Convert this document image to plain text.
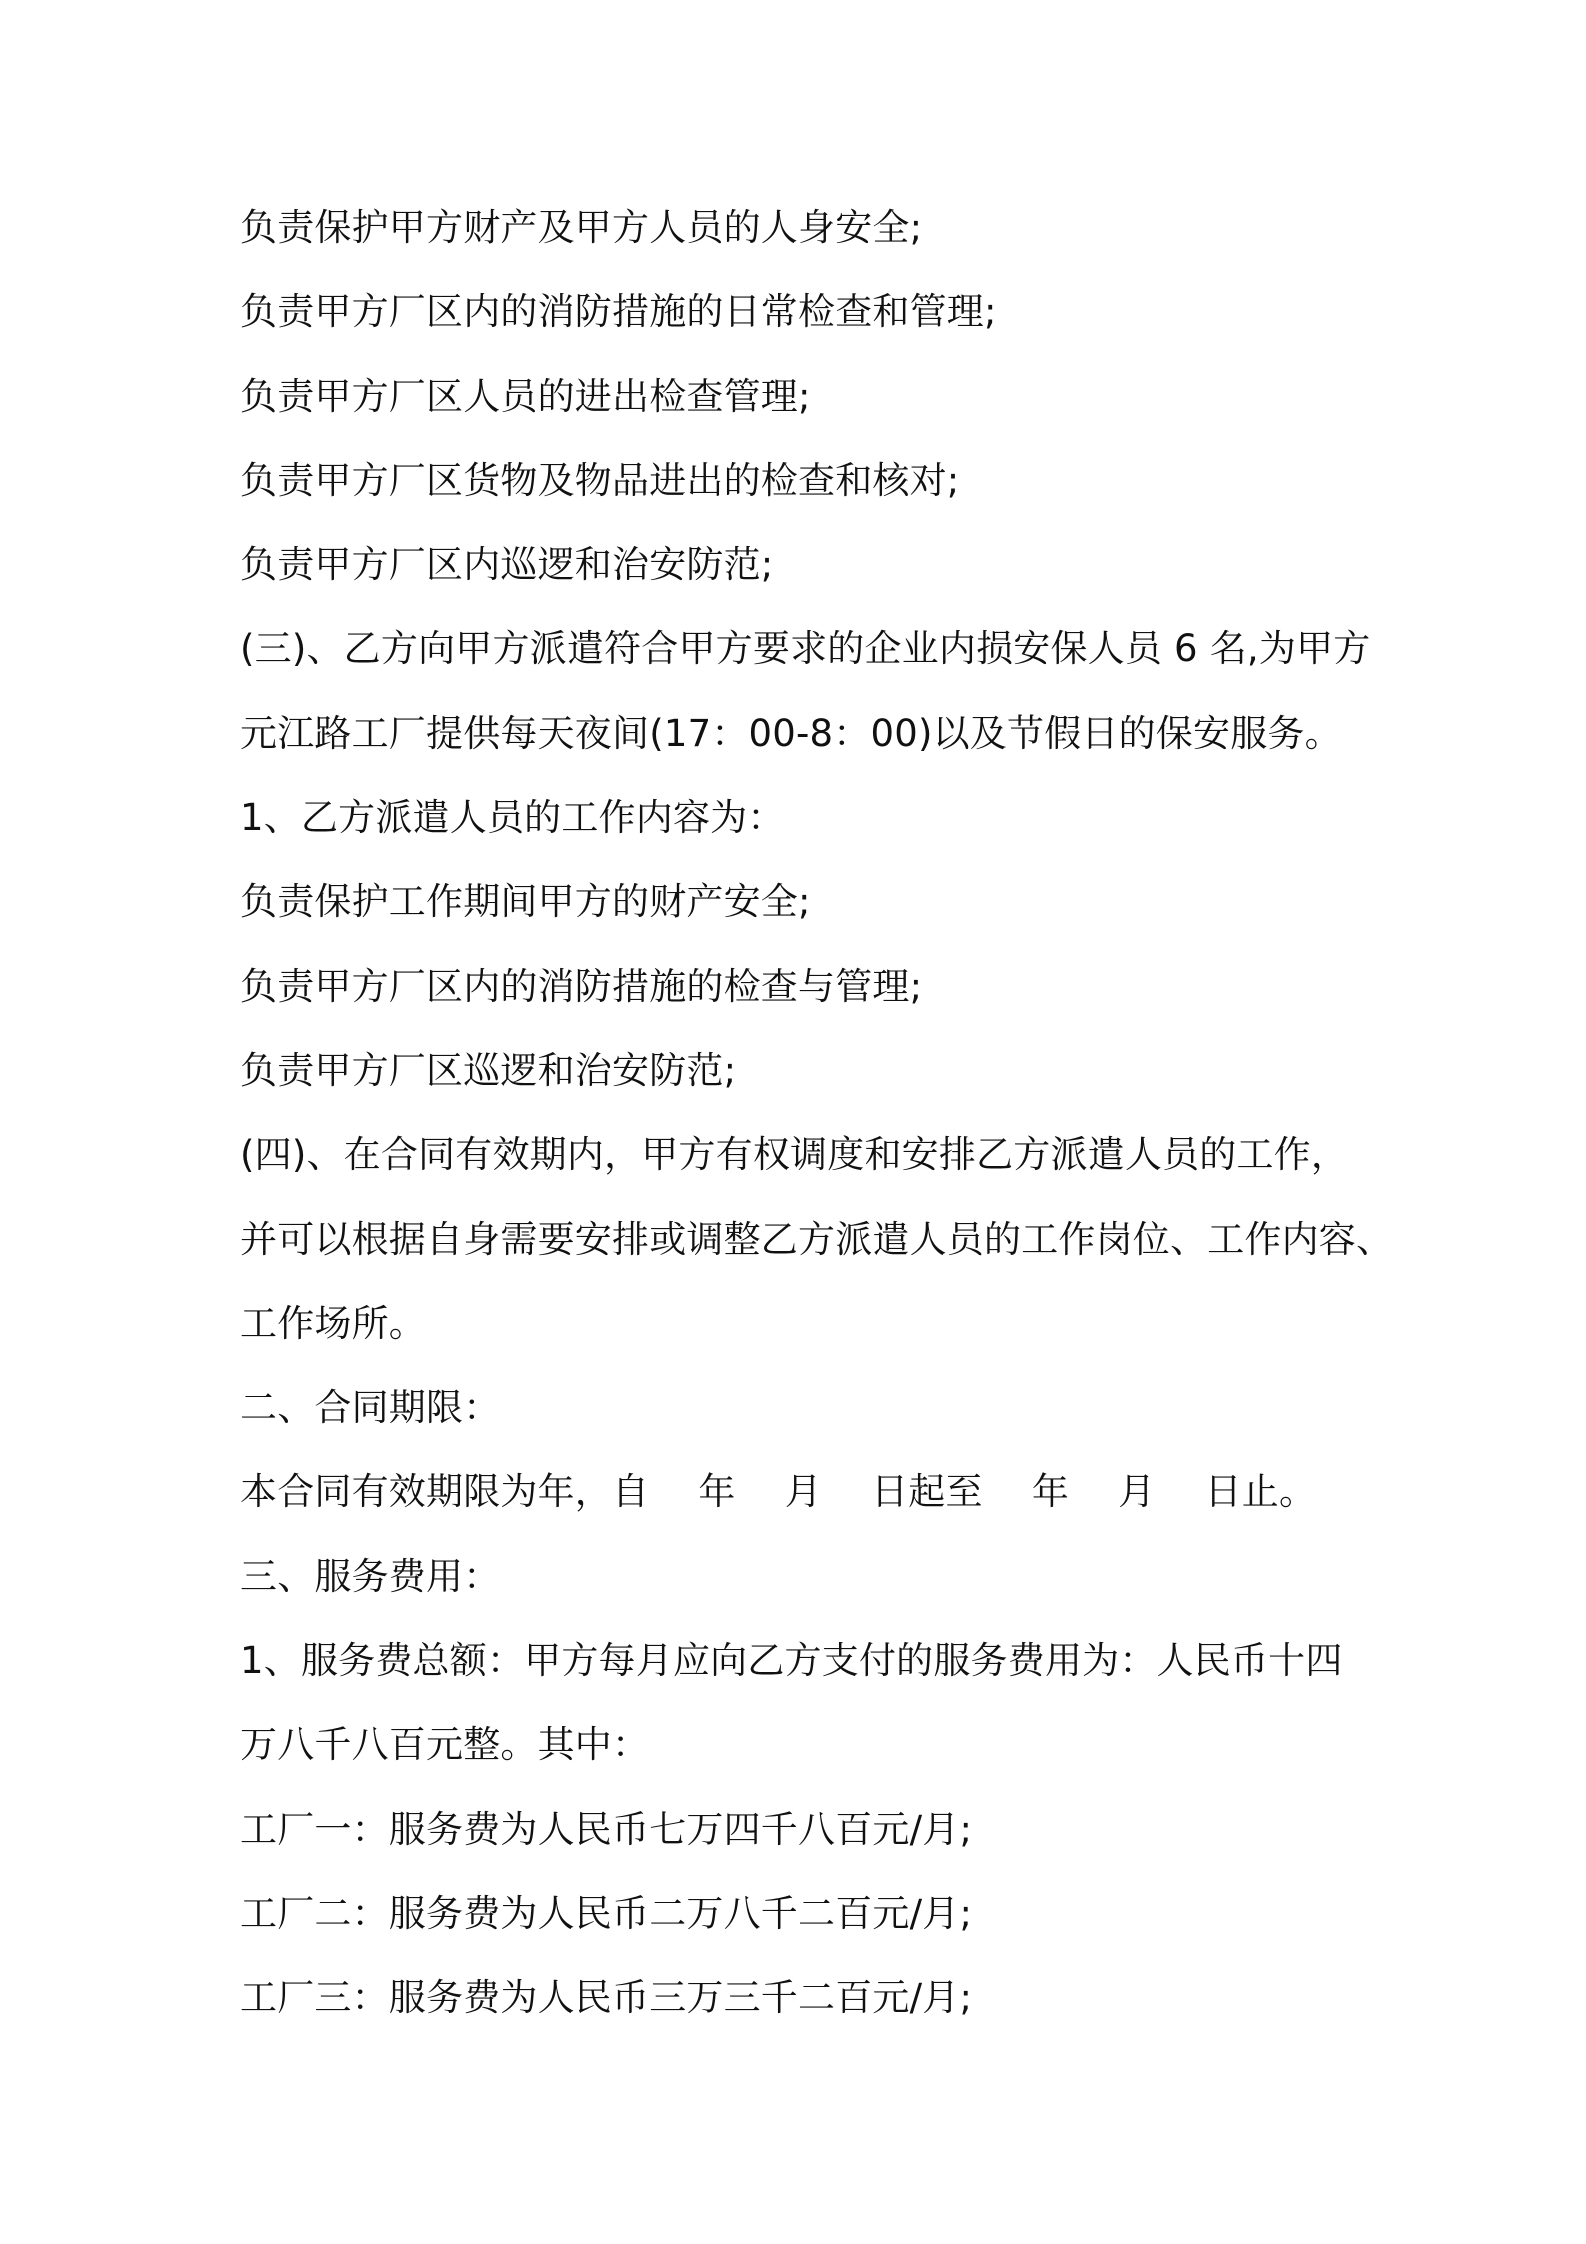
负责保护甲方财产及甲方人员的人身安全;
负责甲方厂区内的消防措施的日常检查和管理;
负责甲方厂区人员的进出检查管理;
负责甲方厂区货物及物品进出的检查和核对;
负责甲方厂区内巡逻和治安防范;
(三)、乙方向甲方派遣符合甲方要求的企业内损安保人员 6 名,为甲方
元江路工厂提供每天夜间(17：00-8：00)以及节假日的保安服务。
1、乙方派遣人员的工作内容为：
负责保护工作期间甲方的财产安全;
负责甲方厂区内的消防措施的检查与管理;
负责甲方厂区巡逻和治安防范;
(四)、在合同有效期内，甲方有权调度和安排乙方派遣人员的工作，
并可以根据自身需要安排或调整乙方派遣人员的工作岗位、工作内容、
工作场所。
二、合同期限：
本合同有效期限为年，自　 年　 月　 日起至　 年　 月　 日止。
三、服务费用：
1、服务费总额：甲方每月应向乙方支付的服务费用为：人民币十四
万八千八百元整。其中：
工厂一：服务费为人民币七万四千八百元/月;
工厂二：服务费为人民币二万八千二百元/月;
工厂三：服务费为人民币三万三千二百元/月;
